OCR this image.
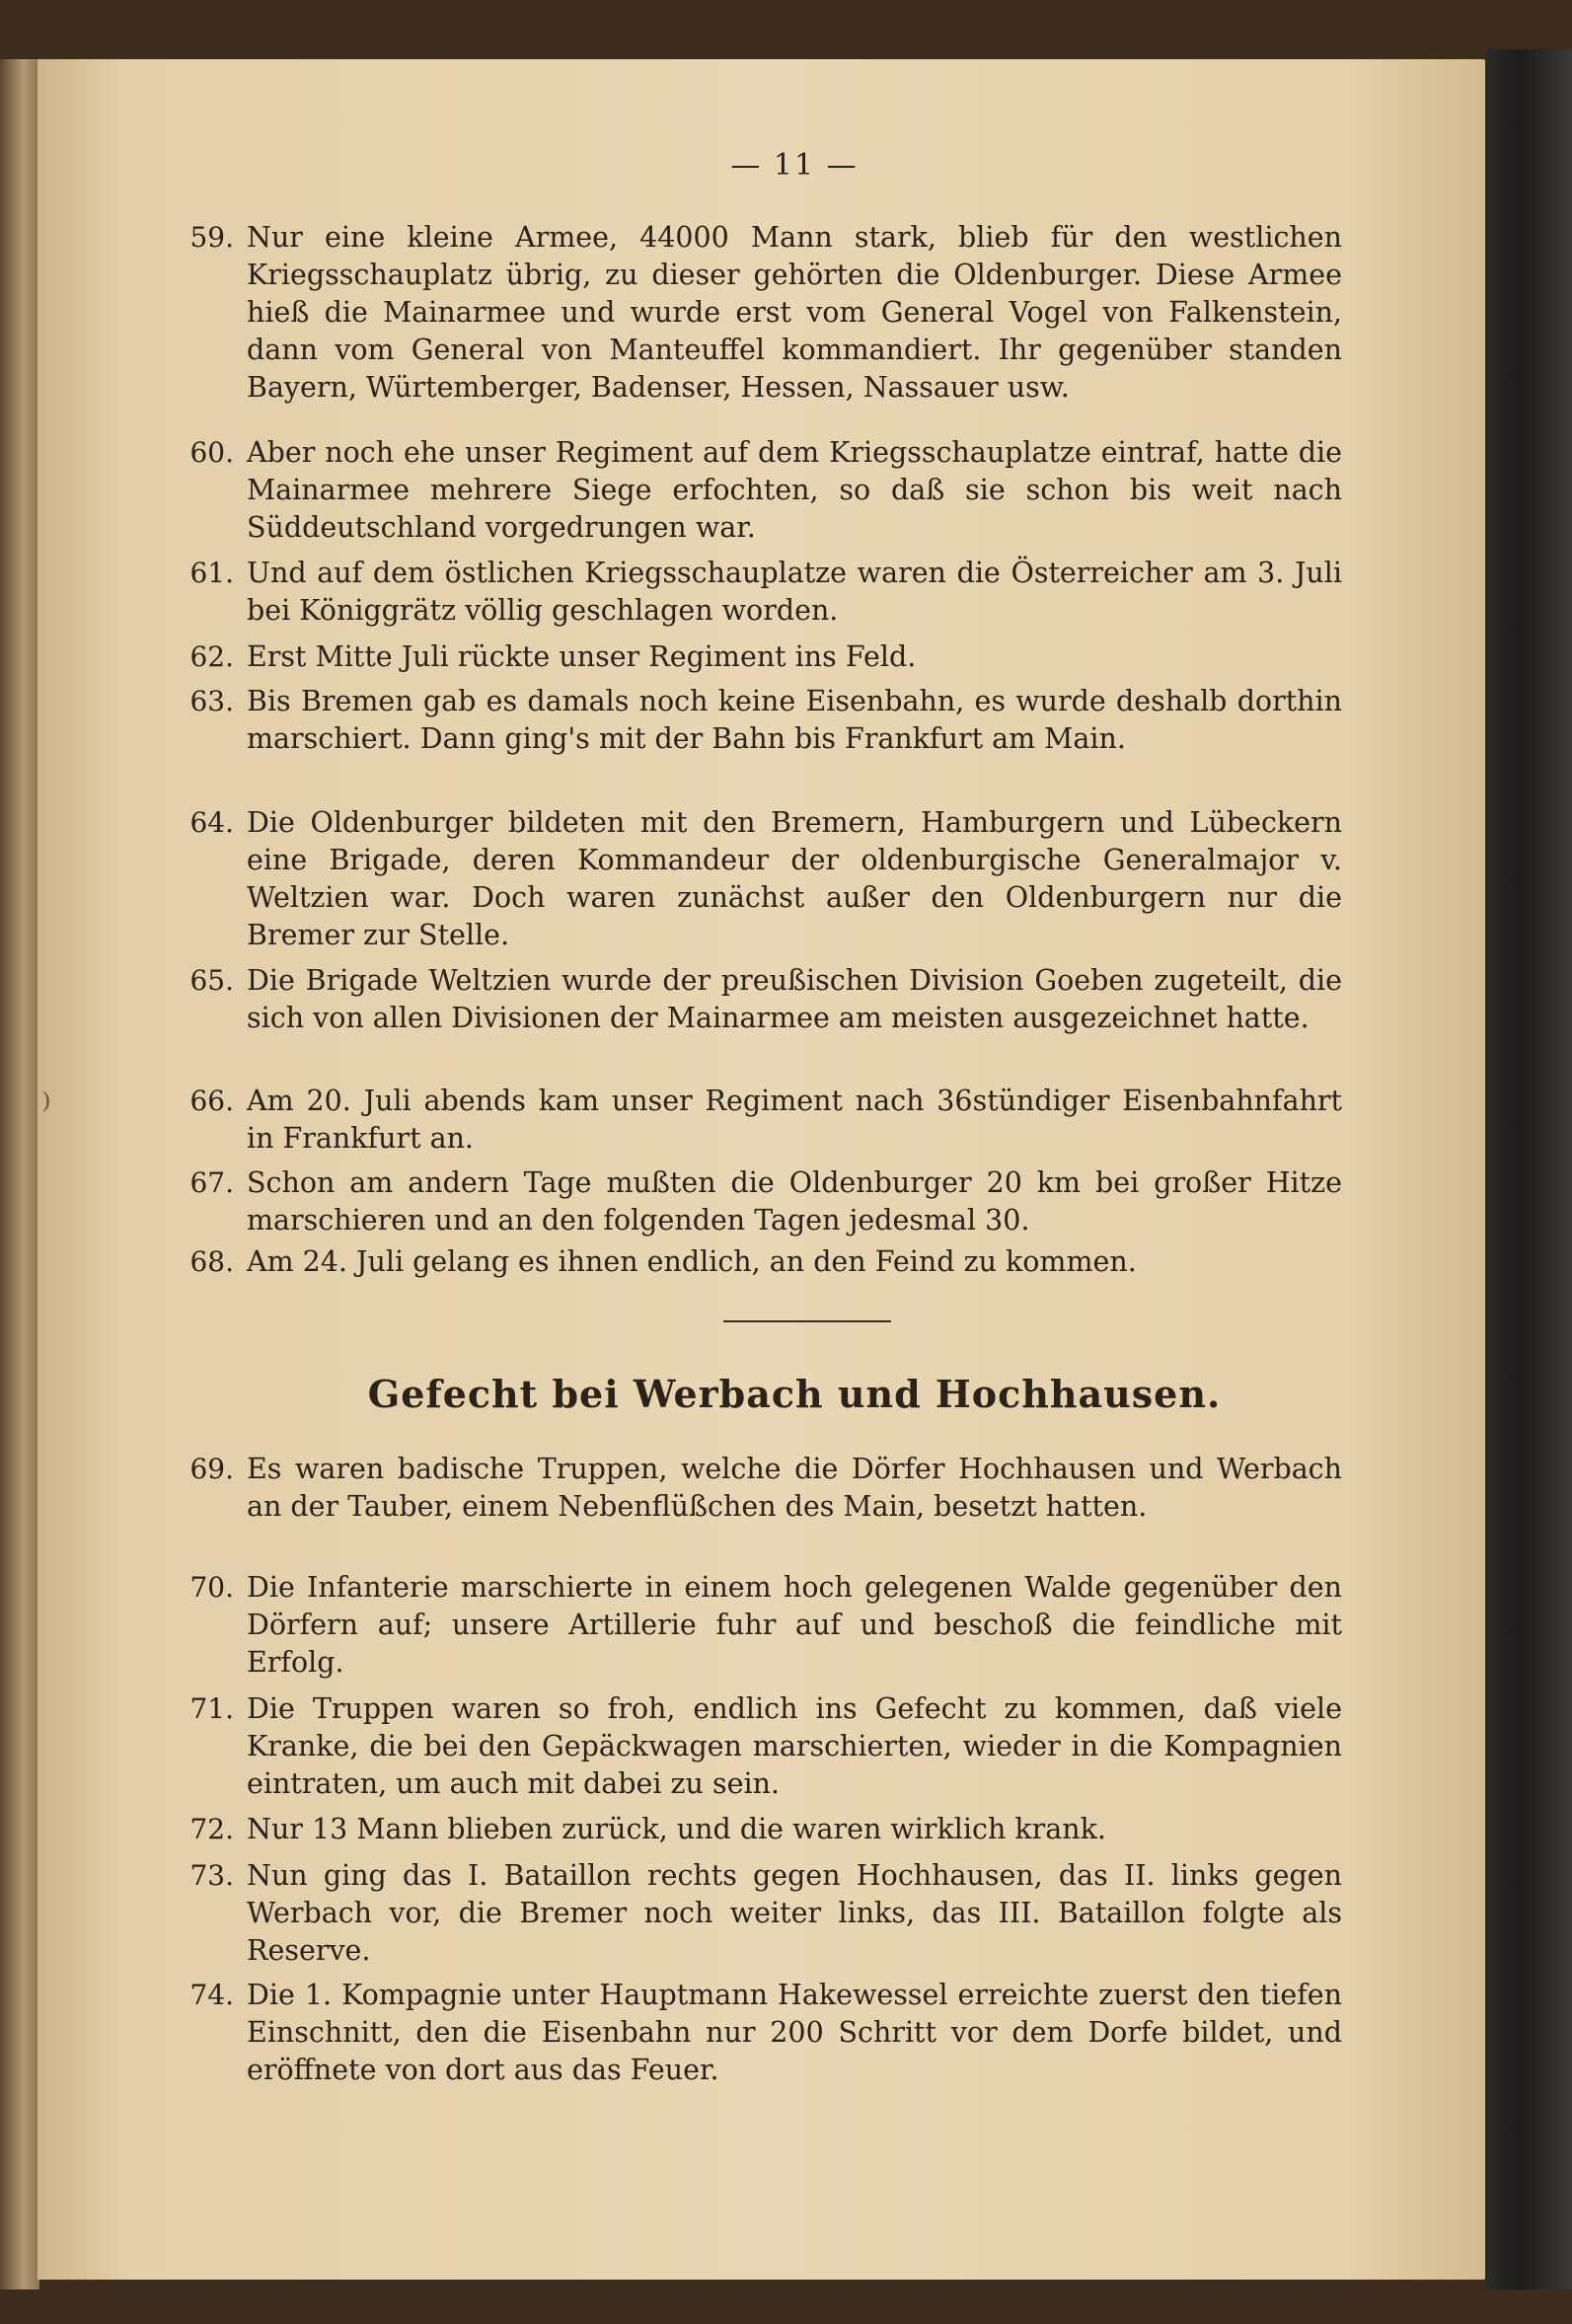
⁾
— 11 —
59. Nur eine kleine Armee, 44000 Mann stark, blieb für den westlichen Kriegsschauplatz übrig, zu dieser gehörten die Oldenburger. Diese Armee hieß die Mainarmee und wurde erst vom General Vogel von Falkenstein, dann vom General von Manteuffel kommandiert. Ihr gegenüber standen Bayern, Würtemberger, Badenser, Hessen, Nassauer usw.
60. Aber noch ehe unser Regiment auf dem Kriegsschauplatze eintraf, hatte die Mainarmee mehrere Siege erfochten, so daß sie schon bis weit nach Süddeutschland vorgedrungen war.
61. Und auf dem östlichen Kriegsschauplatze waren die Österreicher am 3. Juli bei Königgrätz völlig geschlagen worden.
62. Erst Mitte Juli rückte unser Regiment ins Feld.
63. Bis Bremen gab es damals noch keine Eisenbahn, es wurde deshalb dorthin marschiert. Dann ging's mit der Bahn bis Frankfurt am Main.
64. Die Oldenburger bildeten mit den Bremern, Hamburgern und Lübeckern eine Brigade, deren Kommandeur der oldenburgische Generalmajor v. Weltzien war. Doch waren zunächst außer den Oldenburgern nur die Bremer zur Stelle.
65. Die Brigade Weltzien wurde der preußischen Division Goeben zugeteilt, die sich von allen Divisionen der Mainarmee am meisten ausgezeichnet hatte.
66. Am 20. Juli abends kam unser Regiment nach 36stündiger Eisenbahnfahrt in Frankfurt an.
67. Schon am andern Tage mußten die Oldenburger 20 km bei großer Hitze marschieren und an den folgenden Tagen jedesmal 30.
68. Am 24. Juli gelang es ihnen endlich, an den Feind zu kommen.
Gefecht bei Werbach und Hochhausen.
69. Es waren badische Truppen, welche die Dörfer Hochhausen und Werbach an der Tauber, einem Nebenflüßchen des Main, besetzt hatten.
70. Die Infanterie marschierte in einem hoch gelegenen Walde gegenüber den Dörfern auf; unsere Artillerie fuhr auf und beschoß die feindliche mit Erfolg.
71. Die Truppen waren so froh, endlich ins Gefecht zu kommen, daß viele Kranke, die bei den Gepäckwagen marschierten, wieder in die Kompagnien eintraten, um auch mit dabei zu sein.
72. Nur 13 Mann blieben zurück, und die waren wirklich krank.
73. Nun ging das I. Bataillon rechts gegen Hochhausen, das II. links gegen Werbach vor, die Bremer noch weiter links, das III. Bataillon folgte als Reserve.
74. Die 1. Kompagnie unter Hauptmann Hakewessel erreichte zuerst den tiefen Einschnitt, den die Eisenbahn nur 200 Schritt vor dem Dorfe bildet, und eröffnete von dort aus das Feuer.
